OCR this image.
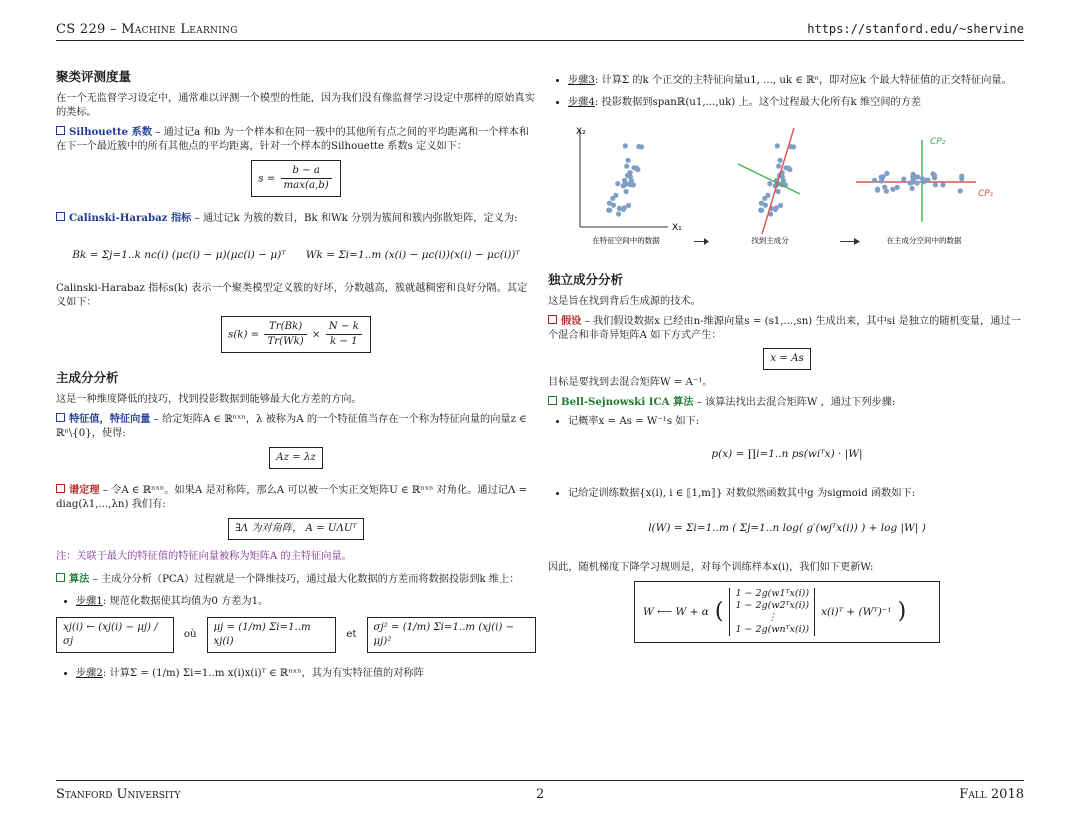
CS 229 – Machine Learning	https://stanford.edu/~shervine
聚类评测度量

在一个无监督学习设定中，通常难以评测一个模型的性能，因为我们没有像监督学习设定中那样的原始真实的类标。

Silhouette 系数 – 通过记a 和b 为一个样本和在同一簇中的其他所有点之间的平均距离和一个样本和在下一个最近簇中的所有其他点的平均距离，针对一个样本的Silhouette 系数s 定义如下：

$s = \frac{b - a}{\max(a,b)}$

Calinski-Harabaz 指标 – 通过记k 为簇的数目，Bk 和Wk 分别为簇间和簇内弥散矩阵，定义为:

Bk = Σj=1..k nc(i) (μc(i) − μ)(μc(i) − μ)ᵀ Wk = Σi=1..m (x(i) − μc(i))(x(i) − μc(i))ᵀ

Calinski-Harabaz 指标s(k) 表示一个聚类模型定义簇的好坏，分数越高，簇就越稠密和良好分隔。其定义如下：

$s(k) = \frac{Tr(Bk)}{Tr(Wk)} \times \frac{N - k}{k - 1}$
主成分分析

这是一种维度降低的技巧，找到投影数据到能够最大化方差的方向。

特征值，特征向量 – 给定矩阵A ∈ ℝⁿˣⁿ，λ 被称为A 的一个特征值当存在一个称为特征向量的向量z ∈ ℝⁿ\{0}，使得:

Az = λz

谱定理 – 令A ∈ ℝⁿˣⁿ。如果A 是对称阵，那么A 可以被一个实正交矩阵U ∈ ℝⁿˣⁿ 对角化。通过记Λ = diag(λ1,...,λn) 我们有:

∃Λ 为对角阵， A = UΛUᵀ

注：关联于最大的特征值的特征向量被称为矩阵A 的主特征向量。

算法 – 主成分分析（PCA）过程就是一个降维技巧，通过最大化数据的方差而将数据投影到k 维上：

• 步骤1: 规范化数据使其均值为0 方差为1。
xj(i) ← (xj(i) − μj) / σj
où
μj = (1/m) Σi=1..m xj(i)
et
σj² = (1/m) Σi=1..m (xj(i) − μj)²
• 步骤2: 计算Σ = (1/m) Σi=1..m x(i)x(i)ᵀ ∈ ℝⁿˣⁿ，其为有实特征值的对称阵
• 步骤3: 计算Σ 的k 个正交的主特征向量u1, ..., uk ∈ ℝⁿ，即对应k 个最大特征值的正交特征向量。
• 步骤4: 投影数据到spanℝ(u1,...,uk) 上。这个过程最大化所有k 维空间的方差
X₂
X₁
CP₂
CP₁
在特征空间中的数据	找到主成分	在主成分空间中的数据
独立成分分析

这是旨在找到背后生成源的技术。

假设 – 我们假设数据x 已经由n-维源向量s = (s1,...,sn) 生成出来，其中si 是独立的随机变量，通过一个混合和非奇异矩阵A 如下方式产生：

x = As

目标是要找到去混合矩阵W = A⁻¹。

Bell-Sejnowski ICA 算法 – 该算法找出去混合矩阵W ，通过下列步骤:

• 记概率x = As = W⁻¹s 如下:
p(x) = ∏i=1..n ps(wiᵀx) · |W|
• 记给定训练数据{x(i), i ∈ ⟦1,m⟧} 对数似然函数其中g 为sigmoid 函数如下:
l(W) = Σi=1..m ( Σj=1..n log( g′(wjᵀx(i)) ) + log |W| )

因此，随机梯度下降学习规则是，对每个训练样本x(i)，我们如下更新W:

W ⟵ W + α (
1 − 2g(w1ᵀx(i))
1 − 2g(w2ᵀx(i))
⋮
1 − 2g(wnᵀx(i))
x(i)ᵀ + (Wᵀ)⁻¹ )
Stanford University	2	Fall 2018
